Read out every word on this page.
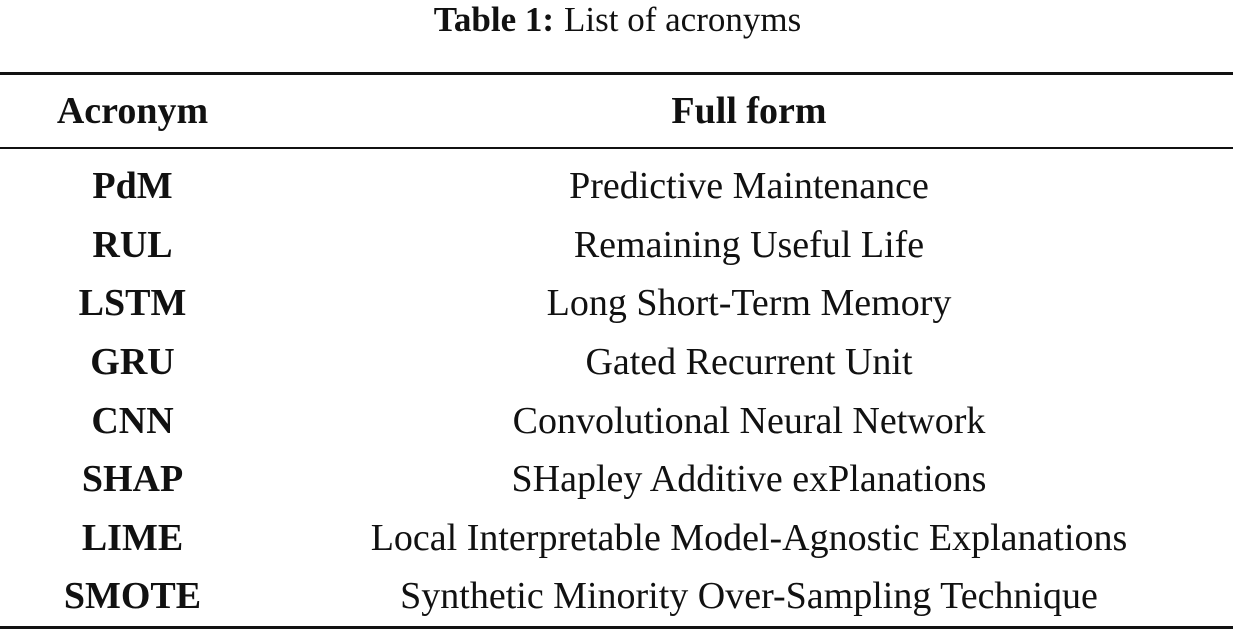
Table 1: List of acronyms
Acronym	Full form
PdM	Predictive Maintenance
RUL	Remaining Useful Life
LSTM	Long Short-Term Memory
GRU	Gated Recurrent Unit
CNN	Convolutional Neural Network
SHAP	SHapley Additive exPlanations
LIME	Local Interpretable Model-Agnostic Explanations
SMOTE	Synthetic Minority Over-Sampling Technique
